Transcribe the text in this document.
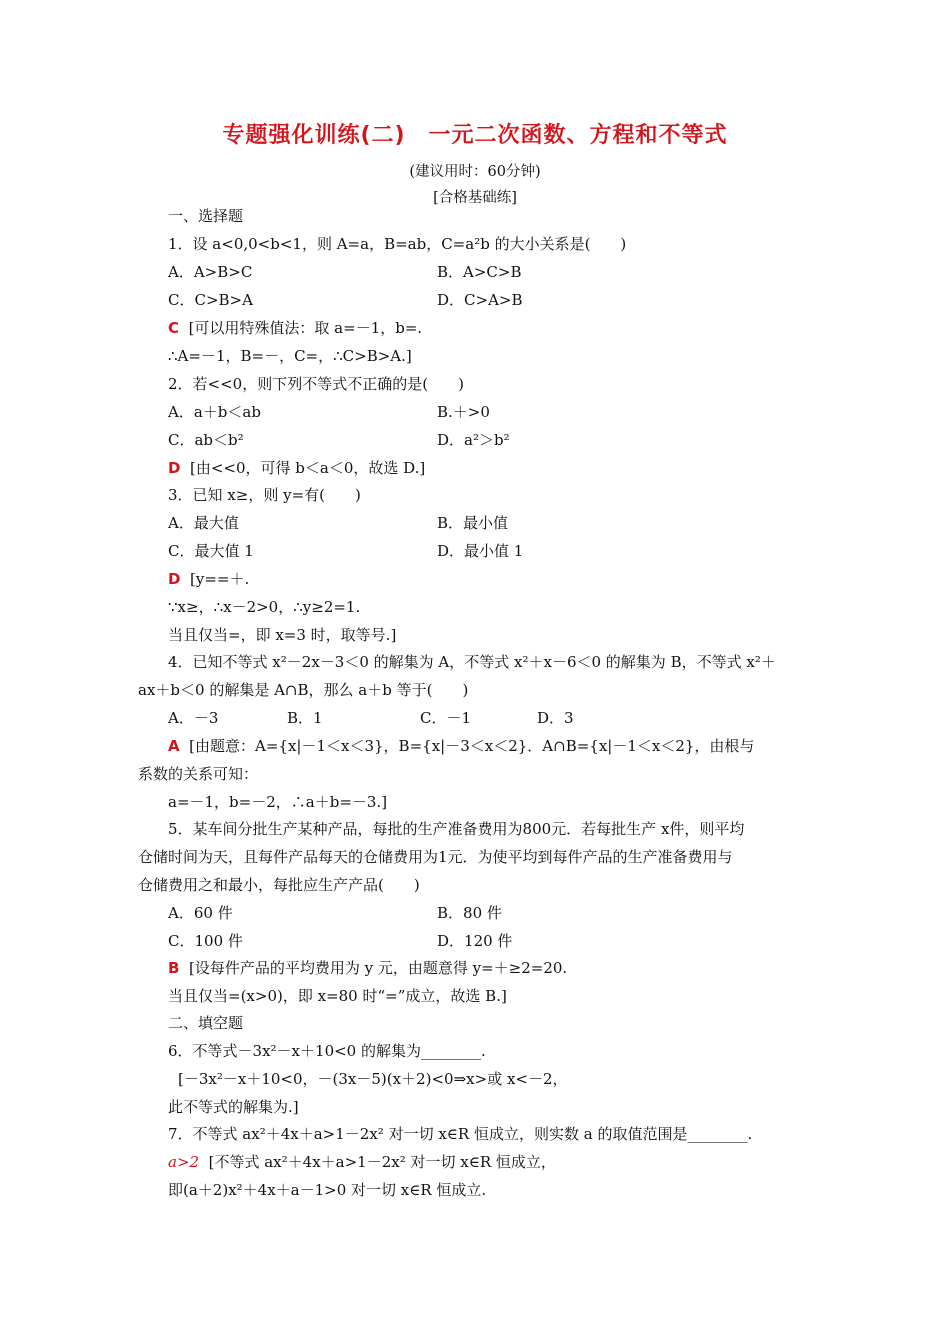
专题强化训练(二)　一元二次函数、方程和不等式
(建议用时：60分钟)
[合格基础练]
一、选择题
1．设 a<0,0<b<1，则 A=a，B=ab，C=a²b 的大小关系是(　　)
A．A>B>C	B．A>C>B
C．C>B>A	D．C>A>B
C [可以用特殊值法：取 a=－1，b=.
∴A=－1，B=－，C=，∴C>B>A.]
2．若<<0，则下列不等式不正确的是(　　)
A．a＋b＜ab	B.＋>0
C．ab＜b²	D．a²＞b²
D [由<<0，可得 b＜a＜0，故选 D.]
3．已知 x≥，则 y=有(　　)
A．最大值	B．最小值
C．最大值 1	D．最小值 1
D [y==＋.
∵x≥，∴x－2>0，∴y≥2=1.
当且仅当=，即 x=3 时，取等号.]
4．已知不等式 x²－2x－3＜0 的解集为 A，不等式 x²＋x－6＜0 的解集为 B，不等式 x²＋
ax＋b＜0 的解集是 A∩B，那么 a＋b 等于(　　)
A．－3	B．1	C．－1	D．3
A [由题意：A={x|－1＜x＜3}，B={x|－3＜x＜2}．A∩B={x|－1＜x＜2}，由根与
系数的关系可知：
a=－1，b=－2，∴a＋b=－3.]
5．某车间分批生产某种产品，每批的生产准备费用为800元．若每批生产 x件，则平均
仓储时间为天，且每件产品每天的仓储费用为1元．为使平均到每件产品的生产准备费用与
仓储费用之和最小，每批应生产产品(　　)
A．60 件	B．80 件
C．100 件	D．120 件
B [设每件产品的平均费用为 y 元，由题意得 y=＋≥2=20.
当且仅当=(x>0)，即 x=80 时“=”成立，故选 B.]
二、填空题
6．不等式－3x²－x＋10<0 的解集为________.
[－3x²－x＋10<0，－(3x－5)(x＋2)<0⇒x>或 x<－2，
此不等式的解集为.]
7．不等式 ax²＋4x＋a>1－2x² 对一切 x∈R 恒成立，则实数 a 的取值范围是________.
a>2 [不等式 ax²＋4x＋a>1－2x² 对一切 x∈R 恒成立，
即(a＋2)x²＋4x＋a－1>0 对一切 x∈R 恒成立.
